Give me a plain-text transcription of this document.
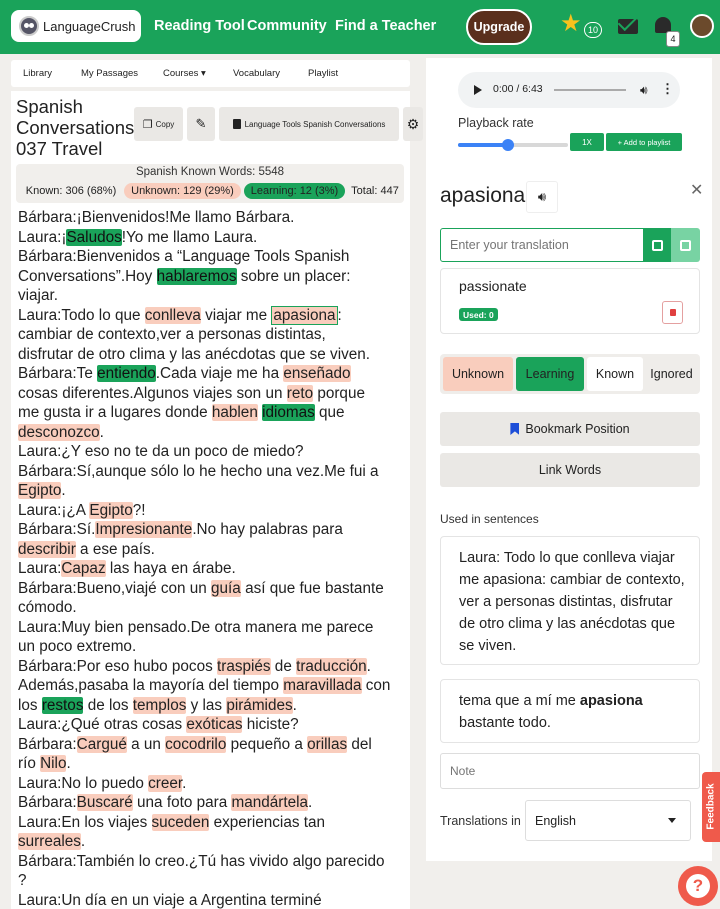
LanguageCrush Reading Tool Community Find a Teacher	Upgrade	★ 10
4
Library	My Passages	Courses ▾	Vocabulary	Playlist
Spanish Conversations 037 Travel
❐ Copy ✎	Language Tools Spanish Conversations ⚙
Spanish Known Words: 5548
Known: 306 (68%)	Unknown: 129 (29%)	Learning: 12 (3%)	Total: 447
Bárbara:¡Bienvenidos!Me llamo Bárbara.
Laura:¡Saludos!Yo me llamo Laura.
Bárbara:Bienvenidos a “Language Tools Spanish
Conversations”.Hoy hablaremos sobre un placer:
viajar.
Laura:Todo lo que conlleva viajar me apasiona :
cambiar de contexto,ver a personas distintas,
disfrutar de otro clima y las anécdotas que se viven.
Bárbara:Te entiendo.Cada viaje me ha enseñado
cosas diferentes.Algunos viajes son un reto porque
me gusta ir a lugares donde hablen idiomas que
desconozco.
Laura:¿Y eso no te da un poco de miedo?
Bárbara:Sí,aunque sólo lo he hecho una vez.Me fui a
Egipto.
Laura:¡¿A Egipto?!
Bárbara:Sí.Impresionante.No hay palabras para
describir a ese país.
Laura:Capaz las haya en árabe.
Bárbara:Bueno,viajé con un guía así que fue bastante
cómodo.
Laura:Muy bien pensado.De otra manera me parece
un poco extremo.
Bárbara:Por eso hubo pocos traspiés de traducción.
Además,pasaba la mayoría del tiempo maravillada con
los restos de los templos y las pirámides.
Laura:¿Qué otras cosas exóticas hiciste?
Bárbara:Cargué a un cocodrilo pequeño a orillas del
río Nilo.
Laura:No lo puedo creer.
Bárbara:Buscaré una foto para mandártela.
Laura:En los viajes suceden experiencias tan
surreales.
Bárbara:También lo creo.¿Tú has vivido algo parecido
?
Laura:Un día en un viaje a Argentina terminé
0:00 / 6:43	🔊︎ ⋮
Playback rate
1X	+ Add to playlist
apasiona 🔊︎	✕
Enter your translation
passionate
Used: 0
Unknown	Learning	Known	Ignored
Bookmark Position
Link Words
Used in sentences
Laura: Todo lo que conlleva viajar me apasiona: cambiar de contexto, ver a personas distintas, disfrutar de otro clima y las anécdotas que se viven.
tema que a mí me apasiona bastante todo.
Note
Translations in	English	Feedback
?
